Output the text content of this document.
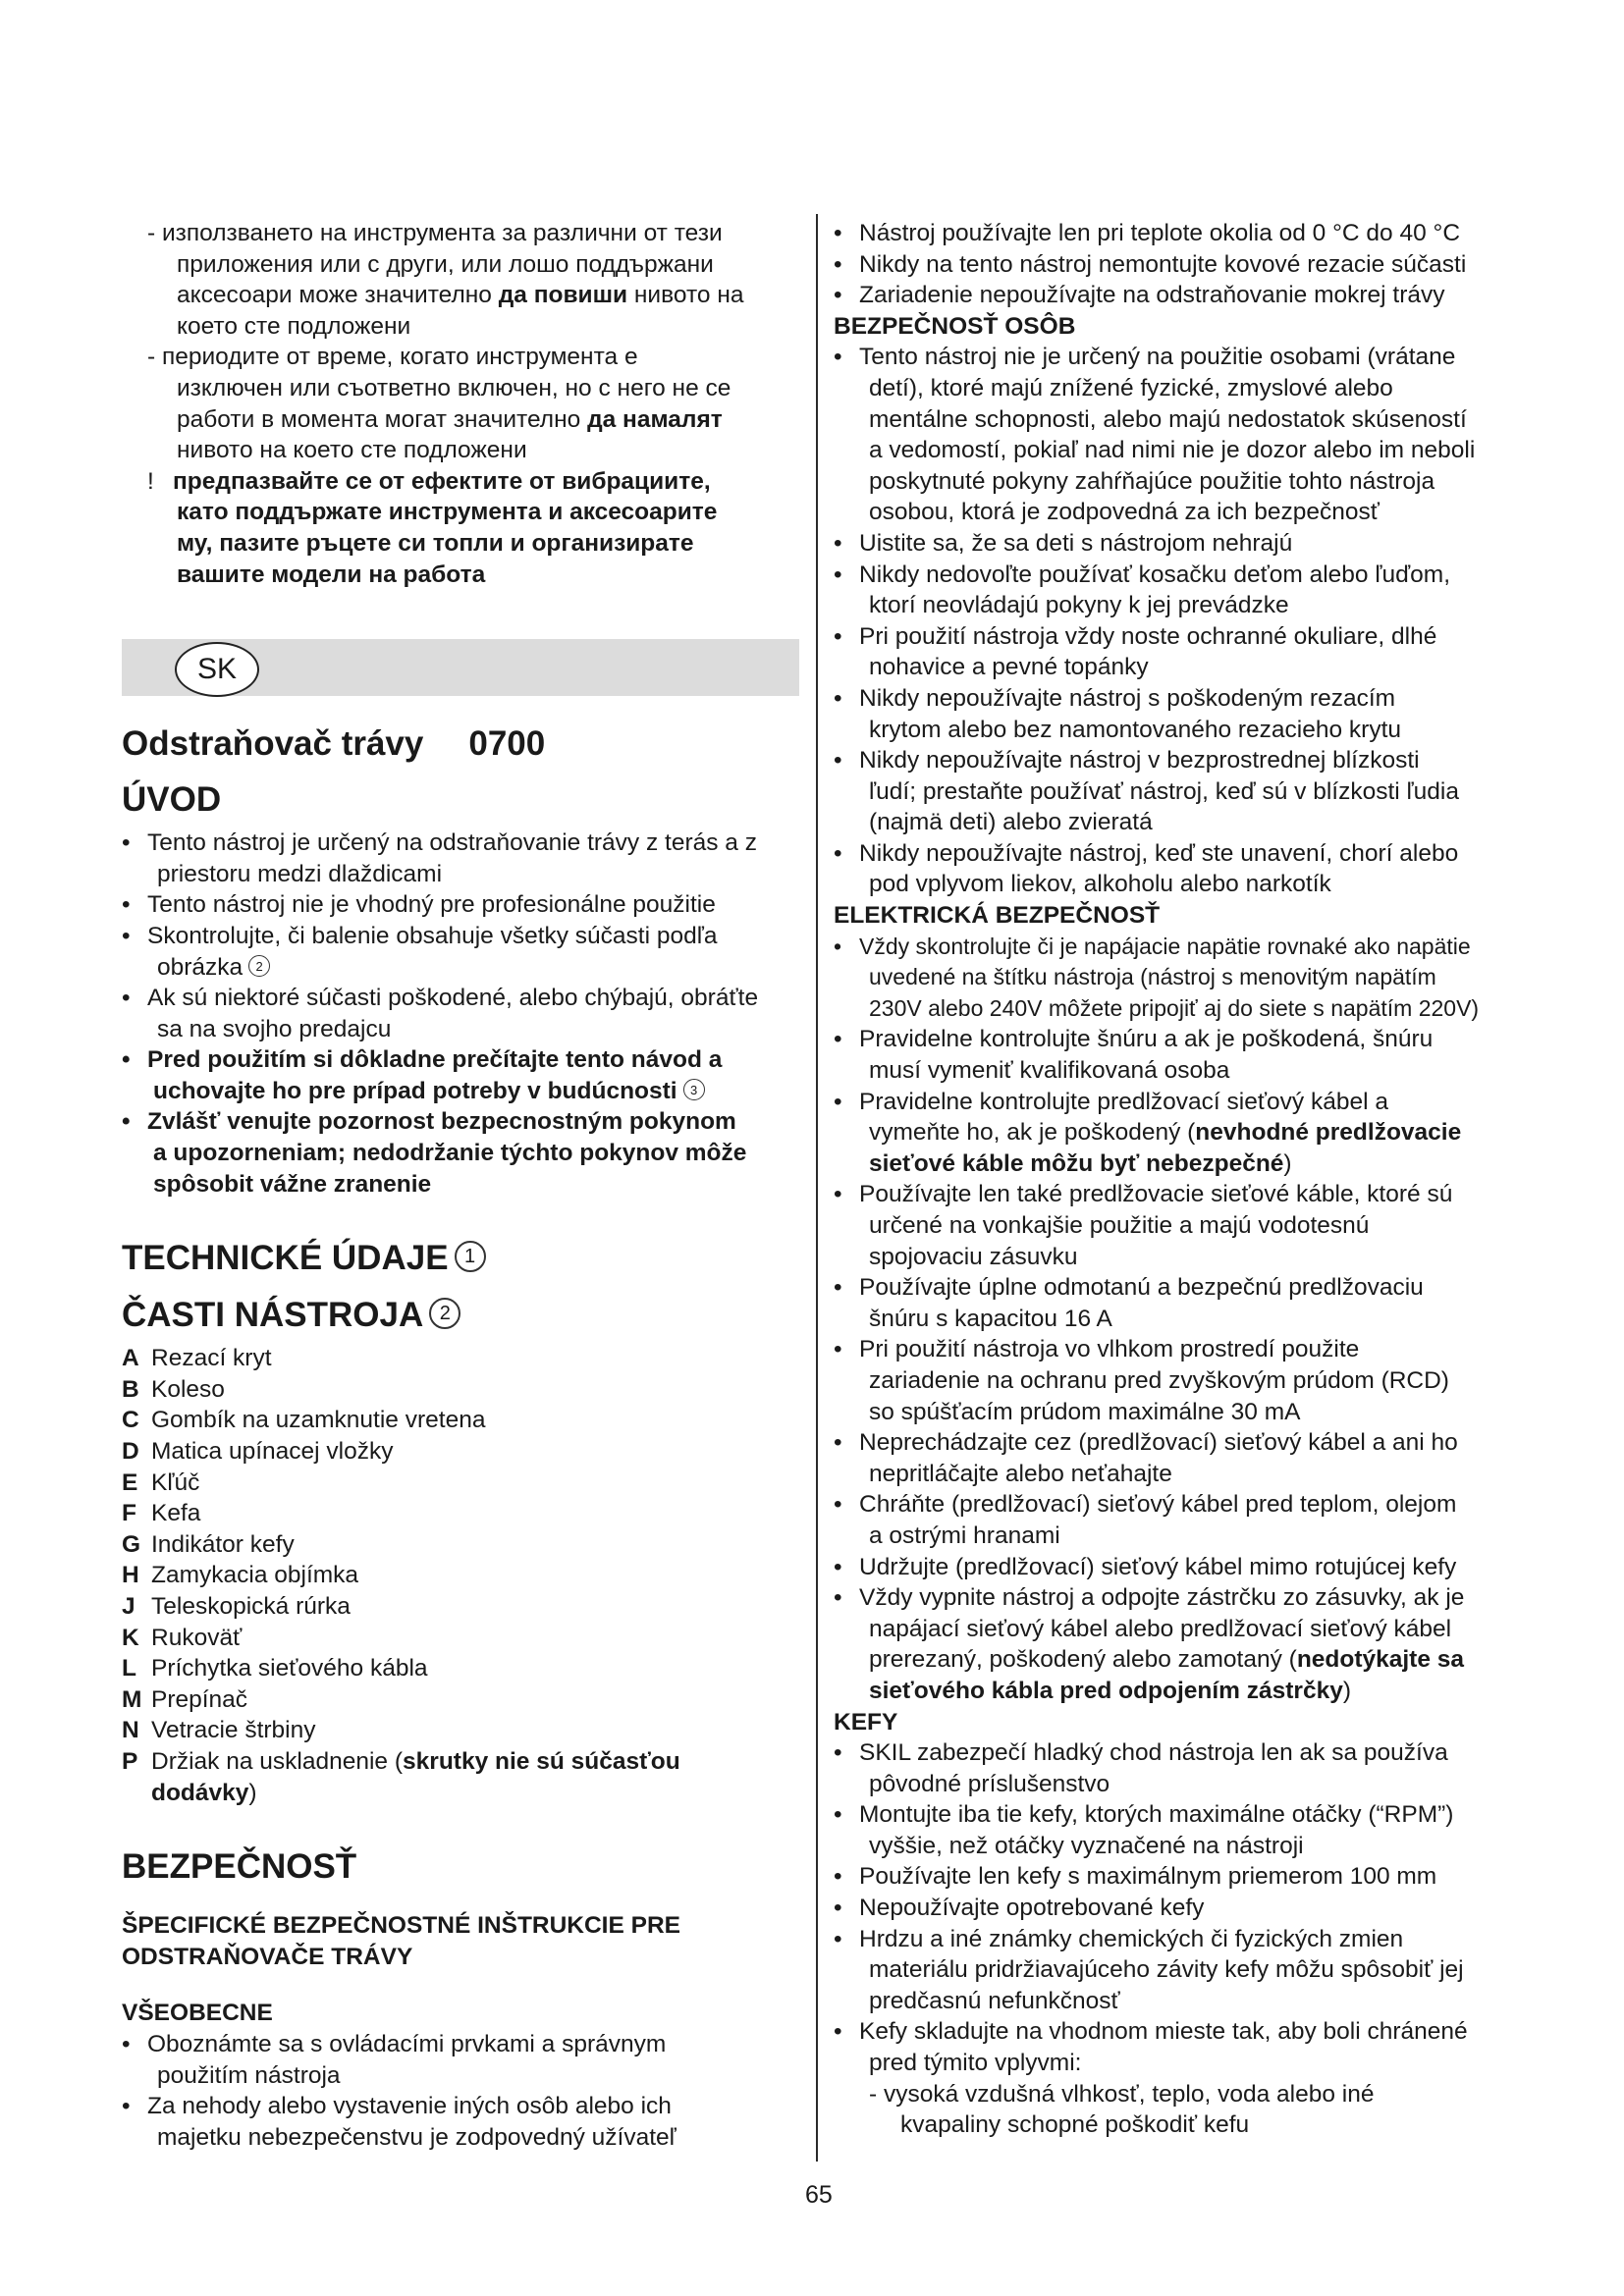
- използването на инструмента за различни от тези
приложения или с други, или лошо поддържани
аксесоари може значително да повиши нивото на
което сте подложени
- периодите от време, когато инструмента е
изключен или съответно включен, но с него не се
работи в момента могат значително да намалят
нивото на което сте подложени
! предпазвайте се от ефектите от вибрациите,
като поддържате инструмента и аксесоарите
му, пазите ръцете си топли и организирате
вашите модели на работа
SK
Odstraňovač trávy 0700
ÚVOD
• Tento nástroj je určený na odstraňovanie trávy z terás a z
priestoru medzi dlaždicami
• Tento nástroj nie je vhodný pre profesionálne použitie
• Skontrolujte, či balenie obsahuje všetky súčasti podľa
obrázka 2
• Ak sú niektoré súčasti poškodené, alebo chýbajú, obráťte
sa na svojho predajcu
• Pred použitím si dôkladne prečítajte tento návod a
uchovajte ho pre prípad potreby v budúcnosti 3
• Zvlášť venujte pozornost bezpecnostným pokynom
a upozorneniam; nedodržanie týchto pokynov môže
spôsobit vážne zranenie
TECHNICKÉ ÚDAJE 1
ČASTI NÁSTROJA 2
A Rezací kryt
B Koleso
C Gombík na uzamknutie vretena
D Matica upínacej vložky
E Kľúč
F Kefa
G Indikátor kefy
H Zamykacia objímka
J Teleskopická rúrka
K Rukoväť
L Príchytka sieťového kábla
M Prepínač
N Vetracie štrbiny
P Držiak na uskladnenie (skrutky nie sú súčasťou
dodávky)
BEZPEČNOSŤ
ŠPECIFICKÉ BEZPEČNOSTNÉ INŠTRUKCIE PRE
ODSTRAŇOVAČE TRÁVY
VŠEOBECNE
• Oboznámte sa s ovládacími prvkami a správnym
použitím nástroja
• Za nehody alebo vystavenie iných osôb alebo ich
majetku nebezpečenstvu je zodpovedný užívateľ
• Nástroj používajte len pri teplote okolia od 0 °C do 40 °C
• Nikdy na tento nástroj nemontujte kovové rezacie súčasti
• Zariadenie nepoužívajte na odstraňovanie mokrej trávy
BEZPEČNOSŤ OSÔB
• Tento nástroj nie je určený na použitie osobami (vrátane
detí), ktoré majú znížené fyzické, zmyslové alebo
mentálne schopnosti, alebo majú nedostatok skúseností
a vedomostí, pokiaľ nad nimi nie je dozor alebo im neboli
poskytnuté pokyny zahŕňajúce použitie tohto nástroja
osobou, ktorá je zodpovedná za ich bezpečnosť
• Uistite sa, že sa deti s nástrojom nehrajú
• Nikdy nedovoľte používať kosačku deťom alebo ľuďom,
ktorí neovládajú pokyny k jej prevádzke
• Pri použití nástroja vždy noste ochranné okuliare, dlhé
nohavice a pevné topánky
• Nikdy nepoužívajte nástroj s poškodeným rezacím
krytom alebo bez namontovaného rezacieho krytu
• Nikdy nepoužívajte nástroj v bezprostrednej blízkosti
ľudí; prestaňte používať nástroj, keď sú v blízkosti ľudia
(najmä deti) alebo zvieratá
• Nikdy nepoužívajte nástroj, keď ste unavení, chorí alebo
pod vplyvom liekov, alkoholu alebo narkotík
ELEKTRICKÁ BEZPEČNOSŤ
• Vždy skontrolujte či je napájacie napätie rovnaké ako napätie
uvedené na štítku nástroja (nástroj s menovitým napätím
230V alebo 240V môžete pripojiť aj do siete s napätím 220V)
• Pravidelne kontrolujte šnúru a ak je poškodená, šnúru
musí vymeniť kvalifikovaná osoba
• Pravidelne kontrolujte predlžovací sieťový kábel a
vymeňte ho, ak je poškodený (nevhodné predlžovacie
sieťové káble môžu byť nebezpečné)
• Používajte len také predlžovacie sieťové káble, ktoré sú
určené na vonkajšie použitie a majú vodotesnú
spojovaciu zásuvku
• Používajte úplne odmotanú a bezpečnú predlžovaciu
šnúru s kapacitou 16 A
• Pri použití nástroja vo vlhkom prostredí použite
zariadenie na ochranu pred zvyškovým prúdom (RCD)
so spúšťacím prúdom maximálne 30 mA
• Neprechádzajte cez (predlžovací) sieťový kábel a ani ho
nepritláčajte alebo neťahajte
• Chráňte (predlžovací) sieťový kábel pred teplom, olejom
a ostrými hranami
• Udržujte (predlžovací) sieťový kábel mimo rotujúcej kefy
• Vždy vypnite nástroj a odpojte zástrčku zo zásuvky, ak je
napájací sieťový kábel alebo predlžovací sieťový kábel
prerezaný, poškodený alebo zamotaný (nedotýkajte sa
sieťového kábla pred odpojením zástrčky)
KEFY
• SKIL zabezpečí hladký chod nástroja len ak sa používa
pôvodné príslušenstvo
• Montujte iba tie kefy, ktorých maximálne otáčky (“RPM”)
vyššie, než otáčky vyznačené na nástroji
• Používajte len kefy s maximálnym priemerom 100 mm
• Nepoužívajte opotrebované kefy
• Hrdzu a iné známky chemických či fyzických zmien
materiálu pridržiavajúceho závity kefy môžu spôsobiť jej
predčasnú nefunkčnosť
• Kefy skladujte na vhodnom mieste tak, aby boli chránené
pred týmito vplyvmi:
- vysoká vzdušná vlhkosť, teplo, voda alebo iné
kvapaliny schopné poškodiť kefu
65
